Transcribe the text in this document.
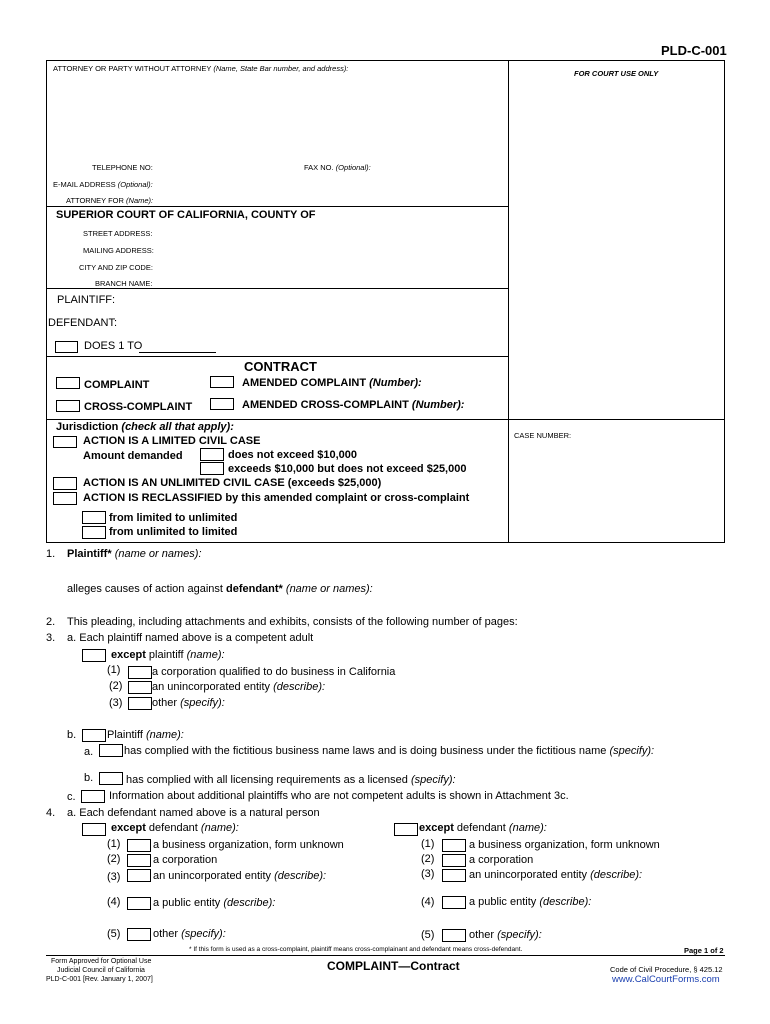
PLD-C-001
ATTORNEY OR PARTY WITHOUT ATTORNEY (Name, State Bar number, and address):
FOR COURT USE ONLY
TELEPHONE NO:	FAX NO. (Optional):
E-MAIL ADDRESS (Optional):
ATTORNEY FOR (Name):
SUPERIOR COURT OF CALIFORNIA, COUNTY OF
STREET ADDRESS:
MAILING ADDRESS:
CITY AND ZIP CODE:
BRANCH NAME:
PLAINTIFF:
DEFENDANT:
DOES 1 TO
CONTRACT
COMPLAINT	AMENDED COMPLAINT (Number):
CROSS-COMPLAINT	AMENDED CROSS-COMPLAINT (Number):
Jurisdiction (check all that apply):
CASE NUMBER:
ACTION IS A LIMITED CIVIL CASE
Amount demanded	does not exceed $10,000
exceeds $10,000 but does not exceed $25,000
ACTION IS AN UNLIMITED CIVIL CASE (exceeds $25,000)
ACTION IS RECLASSIFIED by this amended complaint or cross-complaint
from limited to unlimited
from unlimited to limited
1. Plaintiff* (name or names):
alleges causes of action against defendant* (name or names):
2. This pleading, including attachments and exhibits, consists of the following number of pages:
3. a. Each plaintiff named above is a competent adult
except plaintiff (name):
(1)	a corporation qualified to do business in California
(2)	an unincorporated entity (describe):
(3)	other (specify):
b.	Plaintiff (name):
a.	has complied with the fictitious business name laws and is doing business under the fictitious name (specify):
b.	has complied with all licensing requirements as a licensed (specify):
c.	Information about additional plaintiffs who are not competent adults is shown in Attachment 3c.
4. a. Each defendant named above is a natural person
except defendant (name):
(1)	a business organization, form unknown
(2)	a corporation
(3)	an unincorporated entity (describe):
(4)	a public entity (describe):
(5)	other (specify):
except defendant (name):
(1)	a business organization, form unknown
(2)	a corporation
(3)	an unincorporated entity (describe):
(4)	a public entity (describe):
(5)	other (specify):
* If this form is used as a cross-complaint, plaintiff means cross-complainant and defendant means cross-defendant.	Page 1 of 2
Form Approved for Optional Use
Judicial Council of California
PLD-C-001 [Rev. January 1, 2007]
COMPLAINT—Contract	Code of Civil Procedure, § 425.12
www.CalCourtForms.com
